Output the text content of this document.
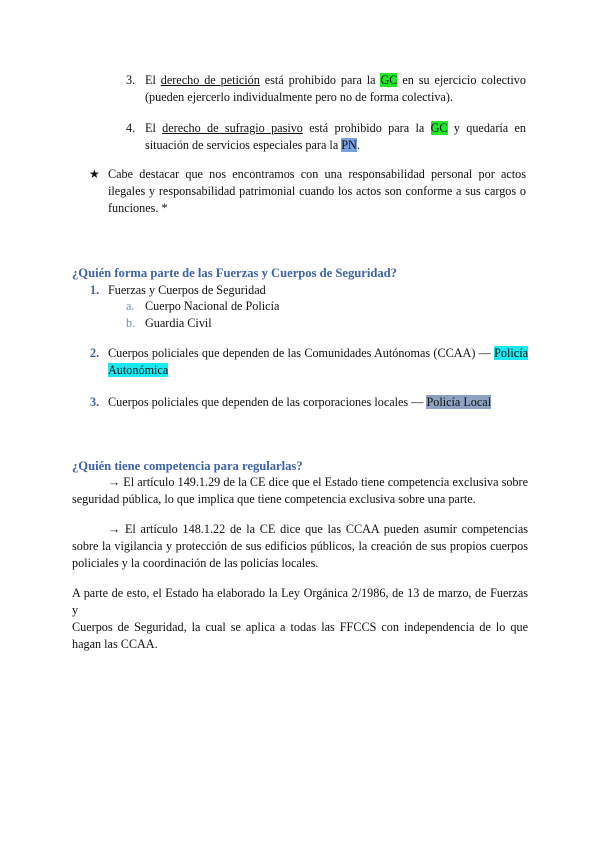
3. El derecho de petición está prohibido para la GC en su ejercicio colectivo
(pueden ejercerlo individualmente pero no de forma colectiva).
4. El derecho de sufragio pasivo está prohibido para la GC y quedaría en
situación de servicios especiales para la PN.
★ Cabe destacar que nos encontramos con una responsabilidad personal por actos
ilegales y responsabilidad patrimonial cuando los actos son conforme a sus cargos o
funciones. *
¿Quién forma parte de las Fuerzas y Cuerpos de Seguridad?
1. Fuerzas y Cuerpos de Seguridad
a. Cuerpo Nacional de Policía
b. Guardia Civil
2. Cuerpos policiales que dependen de las Comunidades Autónomas (CCAA) — Policía
Autonómica
3. Cuerpos policiales que dependen de las corporaciones locales — Policía Local
¿Quién tiene competencia para regularlas?
→ El artículo 149.1.29 de la CE dice que el Estado tiene competencia exclusiva sobre
seguridad pública, lo que implica que tiene competencia exclusiva sobre una parte.
→ El artículo 148.1.22 de la CE dice que las CCAA pueden asumir competencias
sobre la vigilancia y protección de sus edificios públicos, la creación de sus propios cuerpos
policiales y la coordinación de las policías locales.
A parte de esto, el Estado ha elaborado la Ley Orgánica 2/1986, de 13 de marzo, de Fuerzas y
Cuerpos de Seguridad, la cual se aplica a todas las FFCCS con independencia de lo que
hagan las CCAA.
